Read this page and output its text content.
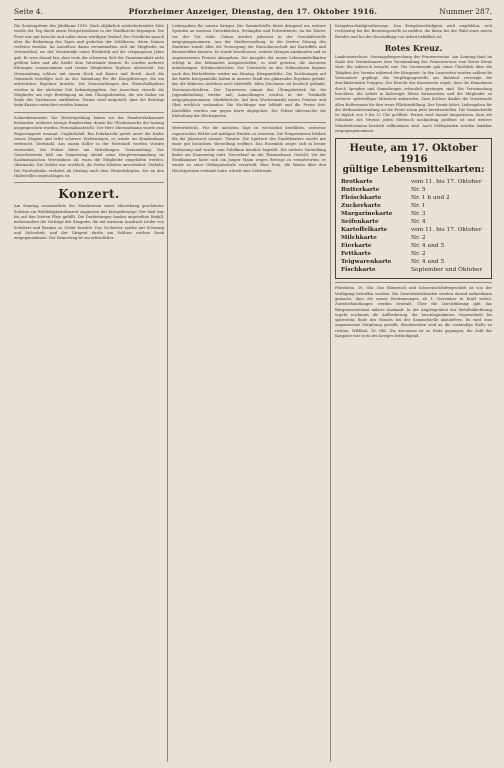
Seite 4.	Pforzheimer Anzeiger, Dienstag, den 17. Oktober 1916.	Nummer 287.

Die Sonntagsfeier des Jubiläums 1916. Nach alljährlich wiederkehrender Sitte wurde der Tag durch einen Festgottesdienst in der Stadtkirche begangen. Die Feier war gut besucht und nahm einen würdigen Verlauf. Der Geistliche sprach über die Bedeutung des Tages und gedachte der Gefallenen, deren Namen verlesen wurden. Im Anschluss daran versammelten sich die Mitglieder im Vereinslokal, wo der Vorsitzende einen Rückblick auf die vergangenen Jahre gab. Er wies darauf hin, dass trotz der schweren Zeit der Zusammenhalt nicht gelitten habe und alle Kräfte dem Vaterlande dienen. Es wurden mehrere Ehrungen vorgenommen und treuen Mitgliedern Diplome überreicht. Die Versammlung schloss mit einem Hoch auf Kaiser und Reich. Auch die Gemeinde beteiligte sich an der Sammlung für die Kriegsfürsorge, die ein erfreuliches Ergebnis brachte. Die Veranstaltungen des Winterhalbjahres werden in der nächsten Zeit bekanntgegeben. Der Ausschuss ersucht die Mitglieder um rege Beteiligung an den Übungsabenden, die wie bisher im Saale des Gasthauses stattfinden. Ferner wird mitgeteilt, dass die Beiträge beim Kassier entrichtet werden können.

Schneidermeister. Die Meisterprüfung haben vor der Handwerkskammer bestanden: mehrere hiesige Handwerker, denen die Glückwünsche der Innung ausgesprochen wurden. Personalnachricht. Der Herr Oberamtmann wurde zum Regierungsrat ernannt. Unglücksfall. Ein Fuhrknecht geriet unter die Räder seines Wagens und erlitt schwere Verletzungen; er wurde ins Krankenhaus verbracht. Diebstahl. Aus einem Keller in der Weststadt wurden Vorräte entwendet; die Polizei bittet um Mitteilungen. Versammlung. Der Gewerbeverein hält am Donnerstag abend seine Hauptversammlung im Kaufmännischen Vereinshaus ab, wozu die Mitglieder eingeladen werden. Obstmarkt. Die Zufuhr war reichlich, die Preise blieben unverändert. Verkehr. Die Straßenbahn verkehrt ab Montag nach dem Winterfahrplan, der an den Haltestellen angeschlagen ist.

Konzert.

Am Sonntag veranstaltete der Musikverein unter Mitwirkung geschätzter Solisten ein Wohltätigkeitskonzert zugunsten der Kriegsfürsorge. Der Saal war bis auf den letzten Platz gefüllt. Die Darbietungen fanden ungeteilten Beifall, insbesondere die Vorträge der Sängerin, die mit warmem Ausdruck Lieder von Schubert und Brahms zu Gehör brachte. Das Orchester spielte mit Schwung und Sicherheit, und der Dirigent durfte am Schluss reichen Dank entgegennehmen. Der Reinertrag ist ein erfreulicher.

Liebesgaben für unsere Krieger. Die Sammelstelle bittet dringend um weitere Spenden an warmen Unterkleidern, Strümpfen und Pulswärmern, da der Winter vor der Tür steht. Gaben werden jederzeit in der Geschäftsstelle entgegengenommen. Aus der Stadtverwaltung. In der letzten Sitzung des Stadtrats wurde über die Versorgung der Einwohnerschaft mit Kartoffeln und Brennstoffen beraten. Es wurde beschlossen, weitere Mengen anzukaufen und zu angemessenen Preisen abzugeben. Die Ausgabe der neuen Lebensmittelkarten erfolgt in den bekannten Ausgabestellen; es wird gebeten, die Ausweise mitzubringen. Schulnachrichten. Der Unterricht an den Volksschulen beginnt nach den Herbstferien wieder am Montag. Kriegsanleihe. Die Zeichnungen auf die fünfte Kriegsanleihe haben in unserer Stadt ein glänzendes Ergebnis gehabt, das die früheren Anleihen noch übertrifft. Allen Zeichnern sei herzlich gedankt. Vereinsnachrichten. Der Turnverein nimmt den Übungsbetrieb für die Jugendabteilung wieder auf; Anmeldungen werden in der Turnhalle entgegengenommen. Marktbericht. Auf dem Wochenmarkt waren Gemüse und Obst reichlich vorhanden. Die Nachfrage war lebhaft und die Preise fest. Kartoffeln wurden nur gegen Karte abgegeben. Die Polizei überwachte die Einhaltung der Höchstpreise.

Wetterbericht. Für die nächsten Tage ist wechselnd bewölktes, zeitweise regnerisches Wetter mit mäßigen Winden zu erwarten. Die Temperaturen bleiben für die Jahreszeit normal. Theater. Die Spielzeit des Stadttheaters wurde mit einer gut besuchten Vorstellung eröffnet. Das Ensemble zeigte sich in bester Verfassung und wurde vom Publikum herzlich begrüßt. Die nächste Vorstellung findet am Donnerstag statt. Vorverkauf an der Theaterkasse. Gericht. Vor der Strafkammer hatte sich ein junger Mann wegen Betrugs zu verantworten; er wurde zu einer Gefängnisstrafe verurteilt. Eine Frau, die Waren über den Höchstpreisen verkauft hatte, erhielt eine Geldstrafe.

Kriegsbeschädigtenfürsorge. Den Kriegsbeschädigten wird empfohlen, sich rechtzeitig bei der Beratungsstelle zu melden, die ihnen bei der Wahl eines neuen Berufes und bei der Beschaffung von Arbeit behilflich ist.

Rotes Kreuz.

Landesausschuss. Sonntagsbesprechung der Frauenvereine. Am Sonntag fand im Saale des Vereinshauses eine Versammlung des Frauenvereins vom Roten Kreuz statt, die zahlreich besucht war. Die Vorsitzende gab einen Überblick über die Tätigkeit des Vereins während der Kriegszeit. In den Lazaretten wurden zahlreiche Verwundete gepflegt, die Verpflegungsstelle am Bahnhof versorgte die durchfahrenden Truppen. Der Bericht der Kassiererin ergab, dass die Einnahmen durch Spenden und Sammlungen erfreulich gestiegen sind. Die Versammlung beschloss, die Arbeit in bisheriger Weise fortzusetzen und die Mitglieder zu weiterer opferwilliger Mitarbeit aufzurufen. Zum Schluss dankte die Vorsitzende allen Helferinnen für ihre treue Pflichterfüllung. Der Verein bittet, Liebesgaben für die Weihnachtssendung an die Front schon jetzt bereitzustellen. Die Sammelstelle ist täglich von 9 bis 12 Uhr geöffnet. Ferner wird darauf hingewiesen, dass die Nähstube des Vereins jeden Mittwoch nachmittag geöffnet ist und weitere Mitarbeiterinnen herzlich willkommen sind. Auch Geldspenden werden dankbar entgegengenommen.

Heute, am 17. Oktober 1916
gültige Lebensmittelkarten:
Brotkarte	vom 11. bis 17. Oktober
Butterkarte	Nr. 5
Fleischkarte	Nr. 1 b und 2
Zuckerkarte	Nr. 1
Margarinekarte	Nr. 3
Seifenkarte	Nr. 4
Kartoffelkarte	vom 11. bis 17. Oktober
Milchkarte	Nr. 2
Eierkarte	Nr. 4 und 5
Fettkarte	Nr. 2
Teigwarenkarte	Nr. 4 und 5
Fischkarte	September und Oktober

Pforzheim, 16. Okt. Das Ebenreich und Scherenschleifergeschäft ist von der Verfügung betroffen worden. Die Gewerbetreibenden werden darauf aufmerksam gemacht, dass die neuen Bestimmungen ab 1. November in Kraft treten. Zuwiderhandlungen werden bestraft. Über die Durchführung gibt das Bürgermeisteramt nähere Auskunft. In der Angelegenheit der Metallablieferung ergeht nochmals die Aufforderung, die beschlagnahmten Gegenstände bis spätestens Ende des Monats bei der Sammelstelle abzuliefern. Es wird eine angemessene Vergütung gezahlt. Beschwerden sind an die zuständige Stelle zu richten. Wildbad, 16. Okt. Die Kursaison ist zu Ende gegangen; die Zahl der Kurgäste war trotz des Krieges befriedigend.
